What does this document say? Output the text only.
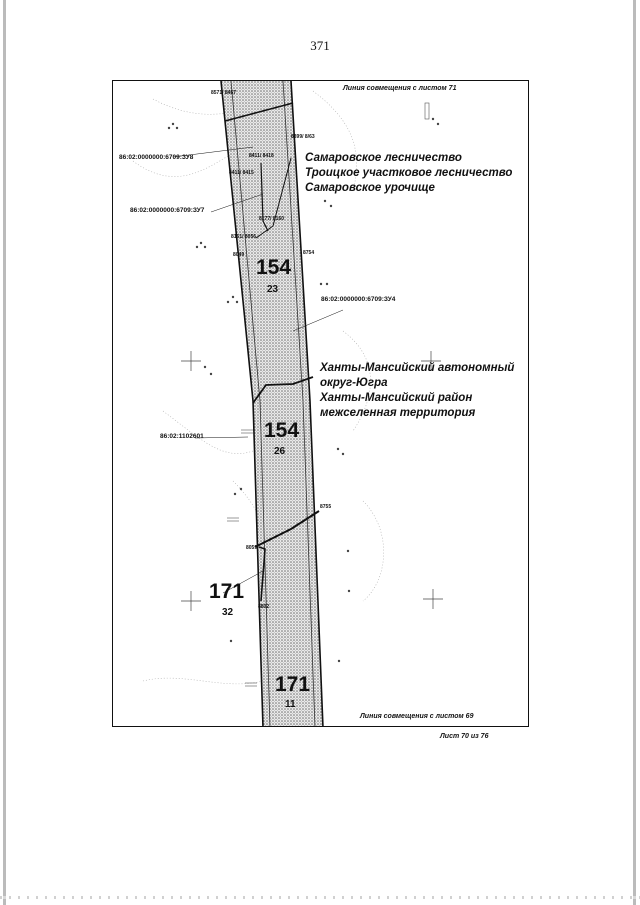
371
Линия совмещения с листом 71
8571/ 8467
8399/ 8/63
8411/ 8418
8411/ 8415
8177/ 8160
8161/ 8056
8049	8754
8755
8059
8802
86:02:0000000:6709:ЗУ8
86:02:0000000:6709:ЗУ7
86:02:0000000:6709:ЗУ4
86:02:1102601
Самаровское лесничество
Троицкое участковое лесничество
Самаровское урочище
Ханты-Мансийский автономный
округ-Югра
Ханты-Мансийский район
межселенная территория
154
23
154
26
171
32
171
11
Линия совмещения с листом 69
Лист 70 из 76
